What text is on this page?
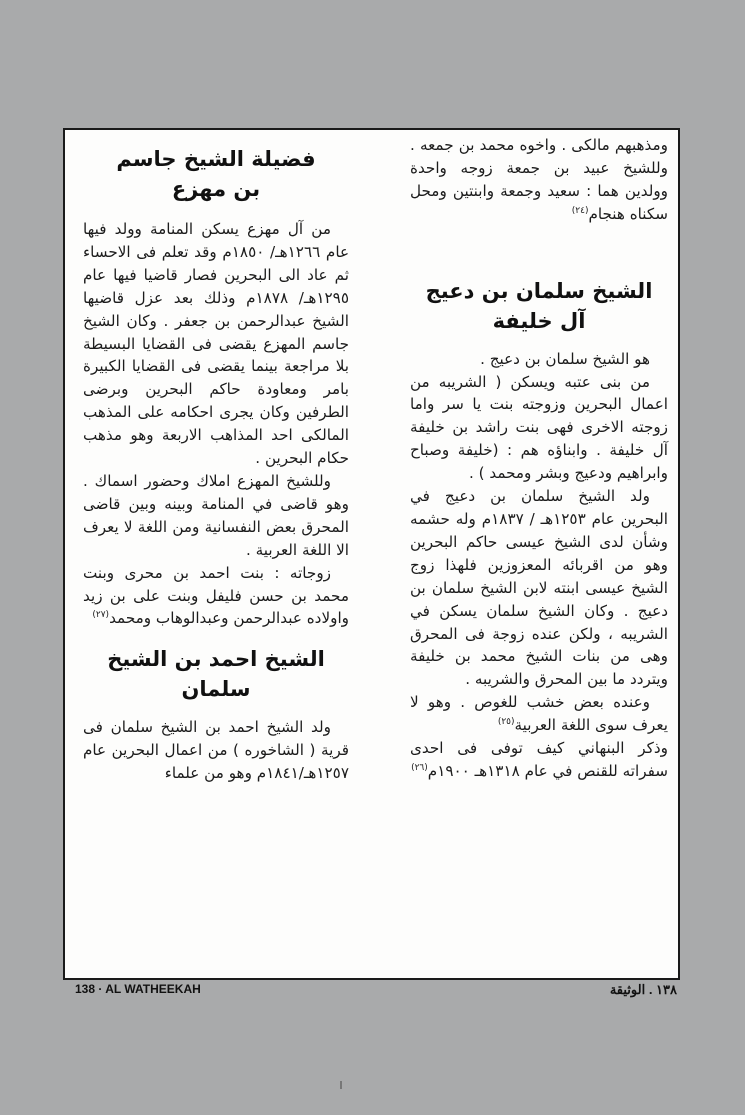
ومذهبهم مالكى . واخوه محمد بن جمعه . وللشيخ عبيد بن جمعة زوجه واحدة وولدين هما : سعيد وجمعة وابنتين ومحل سكناه هنجام$^{(٢٤)}$

الشيخ سلمان بن دعيج

آل خليفة

هو الشيخ سلمان بن دعيج .

من بنى عتبه ويسكن ( الشريبه من اعمال البحرين وزوجته بنت يا سر واما زوجته الاخرى فهى بنت راشد بن خليفة آل خليفة . وابناؤه هم : (خليفة وصباح وابراهيم ودعيج وبشر ومحمد ) .

ولد الشيخ سلمان بن دعيج في البحرين عام ١٢٥٣هـ / ١٨٣٧م وله حشمه وشأن لدى الشيخ عيسى حاكم البحرين وهو من اقربائه المعزوزين فلهذا زوج الشيخ عيسى ابنته لابن الشيخ سلمان بن دعيج . وكان الشيخ سلمان يسكن في الشريبه ، ولكن عنده زوجة فى المحرق وهى من بنات الشيخ محمد بن خليفة ويتردد ما بين المحرق والشريبه .

وعنده بعض خشب للغوص . وهو لا يعرف سوى اللغة العربية$^{(٢٥)}$

وذكر البنهاني كيف توفى فى احدى سفراته للقنص في عام ١٣١٨هـ ١٩٠٠م$^{(٢٦)}$

فضيلة الشيخ جاسم

بن مهزع

من آل مهزع يسكن المنامة وولد فيها عام ١٢٦٦هـ/ ١٨٥٠م وقد تعلم فى الاحساء ثم عاد الى البحرين فصار قاضيا فيها عام ١٢٩٥هـ/ ١٨٧٨م وذلك بعد عزل قاضيها الشيخ عبدالرحمن بن جعفر . وكان الشيخ جاسم المهزع يقضى فى القضايا البسيطة بلا مراجعة بينما يقضى فى القضايا الكبيرة بامر ومعاودة حاكم البحرين وبرضى الطرفين وكان يجرى احكامه على المذهب المالكى احد المذاهب الاربعة وهو مذهب حكام البحرين .

وللشيخ المهزع املاك وحضور اسماك . وهو قاضى في المنامة وبينه وبين قاضى المحرق بعض النفسانية ومن اللغة لا يعرف الا اللغة العربية .

زوجاته : بنت احمد بن محرى وبنت محمد بن حسن فليفل وبنت على بن زيد واولاده عبدالرحمن وعبدالوهاب ومحمد$^{(٢٧)}$

الشيخ احمد بن الشيخ

سلمان

ولد الشيخ احمد بن الشيخ سلمان فى قرية ( الشاخوره ) من اعمال البحرين عام ١٢٥٧هـ/١٨٤١م وهو من علماء

138 · AL WATHEEKAH	١٣٨ . الوثيقة
